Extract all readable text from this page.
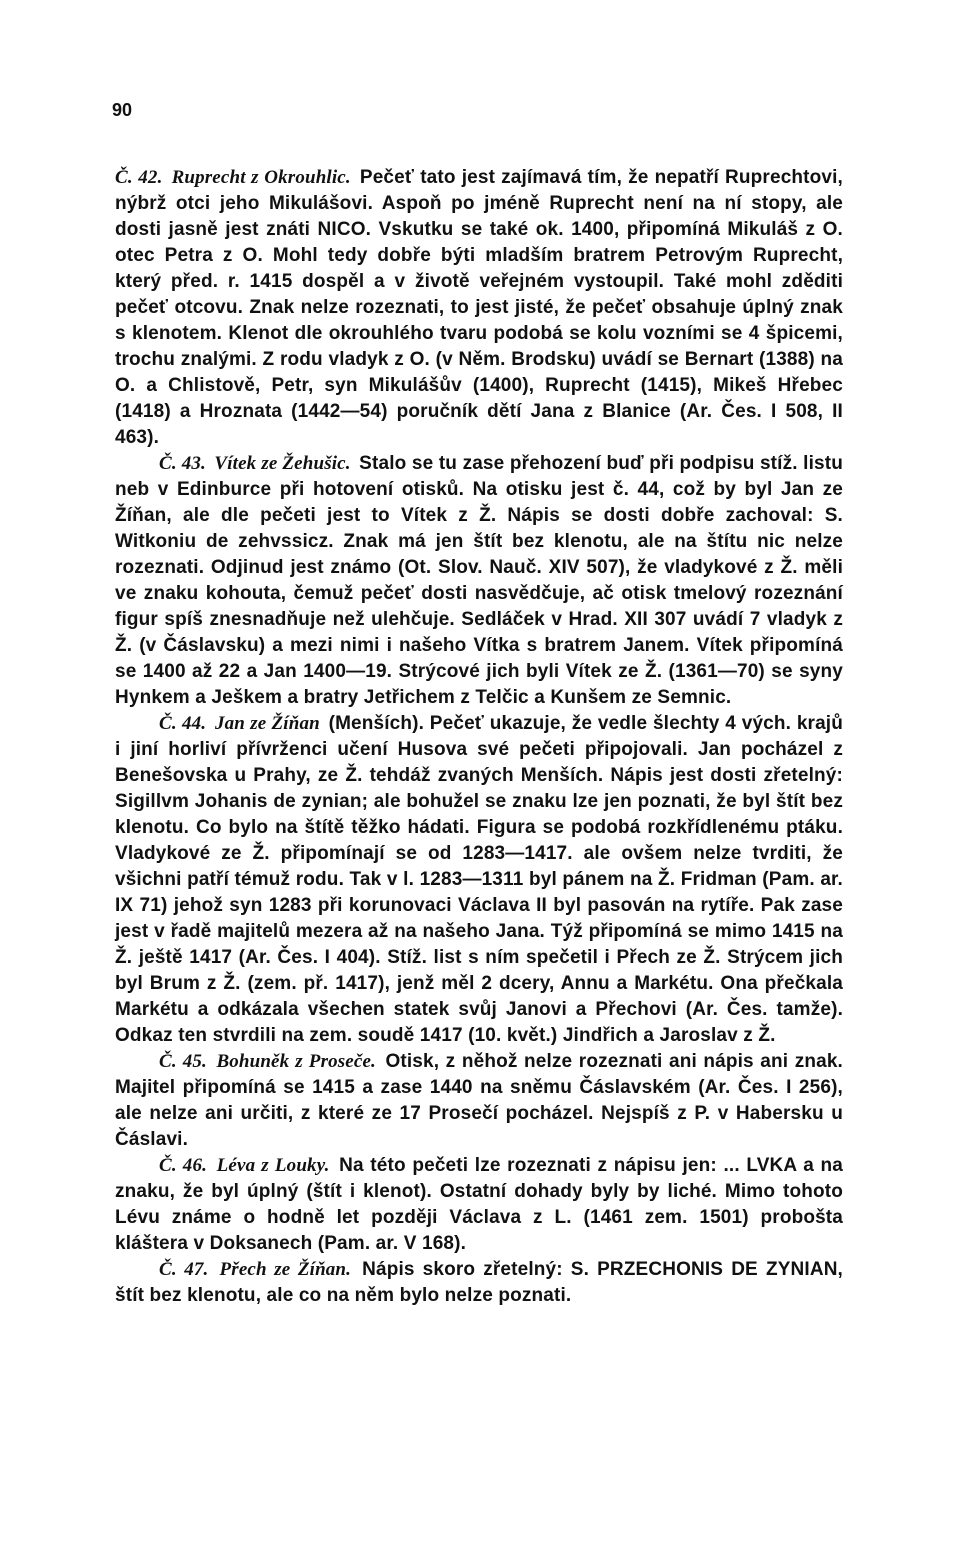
90

Č. 42. Ruprecht z Okrouhlic. Pečeť tato jest zajímavá tím, že nepatří Ruprechtovi, nýbrž otci jeho Mikulášovi. Aspoň po jméně Ruprecht není na ní stopy, ale dosti jasně jest znáti NICO. Vskutku se také ok. 1400, připomíná Mikuláš z O. otec Petra z O. Mohl tedy dobře býti mladším bratrem Petrovým Ruprecht, který před. r. 1415 dospěl a v životě veřejném vystoupil. Také mohl zděditi pečeť otcovu. Znak nelze rozeznati, to jest jisté, že pečeť obsahuje úplný znak s klenotem. Klenot dle okrouhlého tvaru podobá se kolu vozními se 4 špicemi, trochu znalými. Z rodu vladyk z O. (v Něm. Brodsku) uvádí se Bernart (1388) na O. a Chlistově, Petr, syn Mikulášův (1400), Ruprecht (1415), Mikeš Hřebec (1418) a Hroznata (1442—54) poručník dětí Jana z Blanice (Ar. Čes. I 508, II 463).

Č. 43. Vítek ze Žehušic. Stalo se tu zase přehození buď při podpisu stíž. listu neb v Edinburce při hotovení otisků. Na otisku jest č. 44, což by byl Jan ze Žíňan, ale dle pečeti jest to Vítek z Ž. Nápis se dosti dobře zachoval: S. Witkoniu de zehvssicz. Znak má jen štít bez klenotu, ale na štítu nic nelze rozeznati. Odjinud jest známo (Ot. Slov. Nauč. XIV 507), že vladykové z Ž. měli ve znaku kohouta, čemuž pečeť dosti nasvědčuje, ač otisk tmelový rozeznání figur spíš znesnadňuje než ulehčuje. Sedláček v Hrad. XII 307 uvádí 7 vladyk z Ž. (v Čáslavsku) a mezi nimi i našeho Vítka s bratrem Janem. Vítek připomíná se 1400 až 22 a Jan 1400—19. Strýcové jich byli Vítek ze Ž. (1361—70) se syny Hynkem a Ješkem a bratry Jetřichem z Telčic a Kunšem ze Semnic.

Č. 44. Jan ze Žíňan (Menších). Pečeť ukazuje, že vedle šlechty 4 vých. krajů i jiní horliví přívrženci učení Husova své pečeti připojovali. Jan pocházel z Benešovska u Prahy, ze Ž. tehdáž zvaných Menších. Nápis jest dosti zřetelný: Sigillvm Johanis de zynian; ale bohužel se znaku lze jen poznati, že byl štít bez klenotu. Co bylo na štítě těžko hádati. Figura se podobá rozkřídlenému ptáku. Vladykové ze Ž. připomínají se od 1283—1417. ale ovšem nelze tvrditi, že všichni patří témuž rodu. Tak v l. 1283—1311 byl pánem na Ž. Fridman (Pam. ar. IX 71) jehož syn 1283 při korunovaci Václava II byl pasován na rytíře. Pak zase jest v řadě majitelů mezera až na našeho Jana. Týž připomíná se mimo 1415 na Ž. ještě 1417 (Ar. Čes. I 404). Stíž. list s ním spečetil i Přech ze Ž. Strýcem jich byl Brum z Ž. (zem. př. 1417), jenž měl 2 dcery, Annu a Markétu. Ona přečkala Markétu a odkázala všechen statek svůj Janovi a Přechovi (Ar. Čes. tamže). Odkaz ten stvrdili na zem. soudě 1417 (10. květ.) Jindřich a Jaroslav z Ž.

Č. 45. Bohuněk z Proseče. Otisk, z něhož nelze rozeznati ani nápis ani znak. Majitel připomíná se 1415 a zase 1440 na sněmu Čáslavském (Ar. Čes. I 256), ale nelze ani určiti, z které ze 17 Prosečí pocházel. Nejspíš z P. v Habersku u Čáslavi.

Č. 46. Léva z Louky. Na této pečeti lze rozeznati z nápisu jen: ... LVKA a na znaku, že byl úplný (štít i klenot). Ostatní dohady byly by liché. Mimo tohoto Lévu známe o hodně let později Václava z L. (1461 zem. 1501) proboštа kláštera v Doksanech (Pam. ar. V 168).

Č. 47. Přech ze Žíňan. Nápis skoro zřetelný: S. PRZECHONIS DE ZYNIAN, štít bez klenotu, ale co na něm bylo nelze poznati.
